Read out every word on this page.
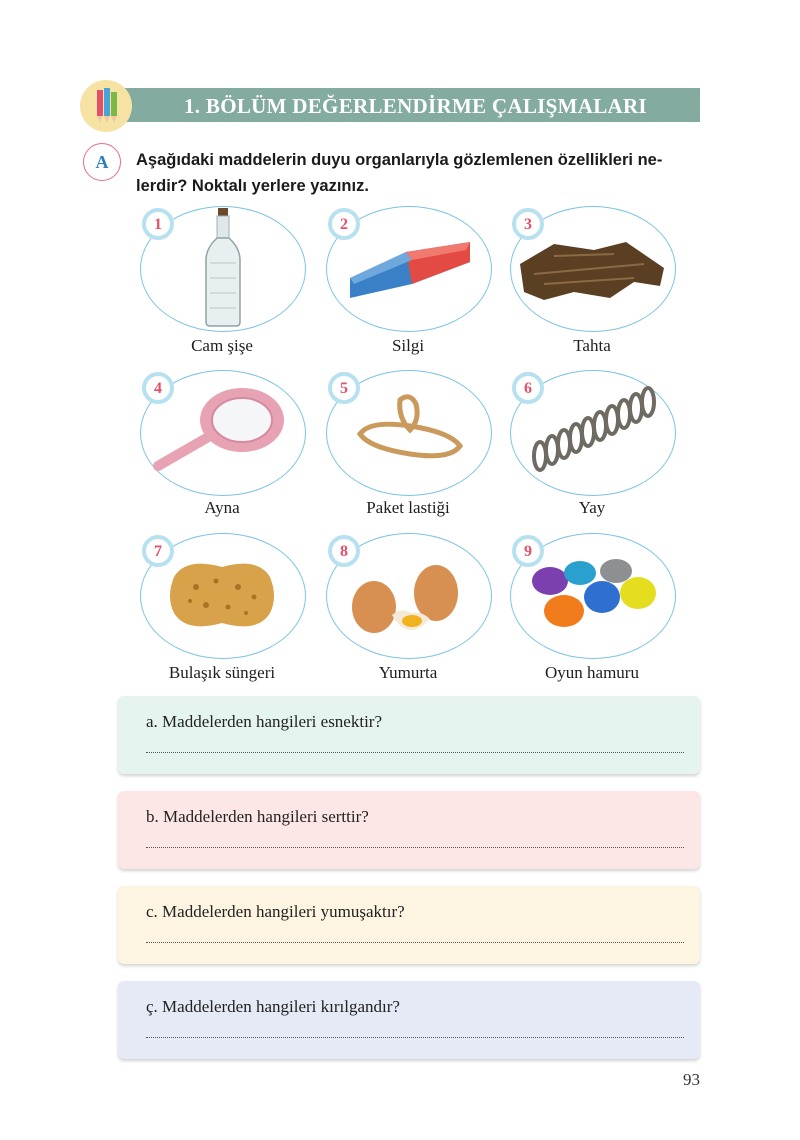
1. BÖLÜM DEĞERLENDİRME ÇALIŞMALARI
A	Aşağıdaki maddelerin duyu organlarıyla gözlemlenen özellikleri ne-
lerdir? Noktalı yerlere yazınız.
1
Cam şişe
2
Silgi
3
Tahta
4
Ayna
5
Paket lastiği
6
Yay
7
Bulaşık süngeri
8
Yumurta
9
Oyun hamuru
a. Maddelerden hangileri esnektir?
b. Maddelerden hangileri serttir?
c. Maddelerden hangileri yumuşaktır?
ç. Maddelerden hangileri kırılgandır?
93
